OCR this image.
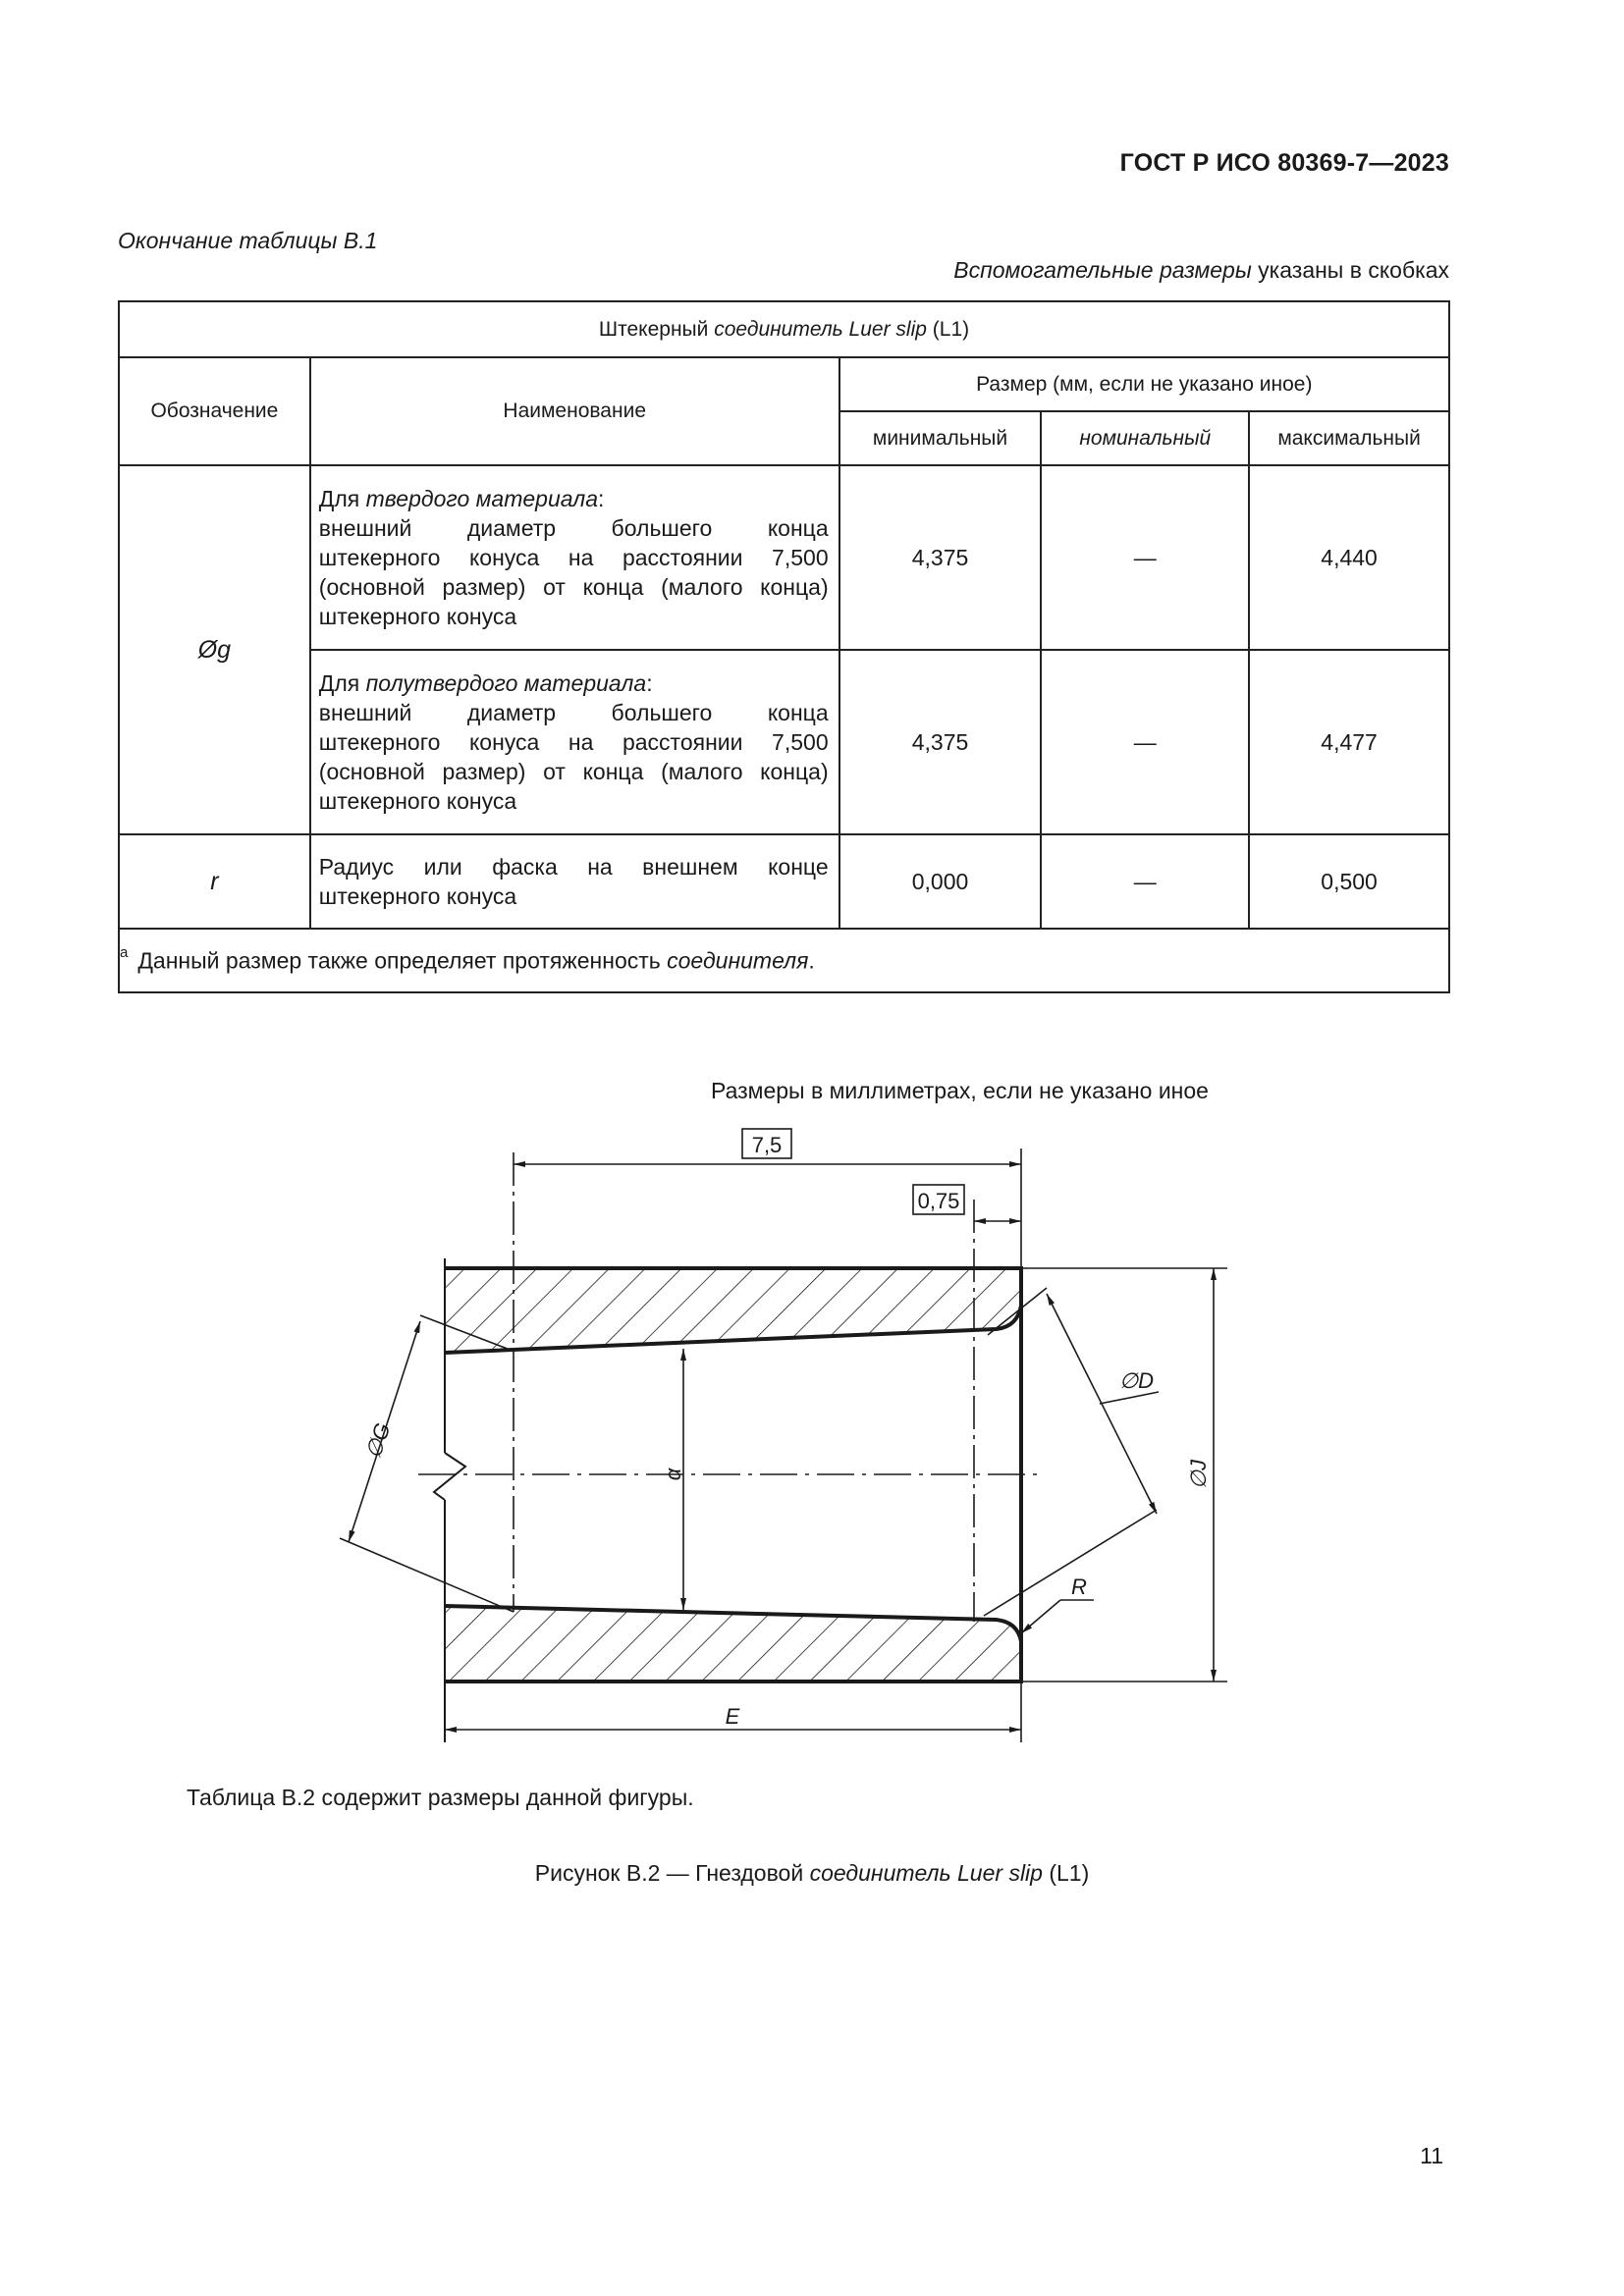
ГОСТ Р ИСО 80369-7—2023
Окончание таблицы В.1
Вспомогательные размеры указаны в скобках
Штекерный соединитель Luer slip (L1)				
Обозначение	Наименование	Размер (мм, если не указано иное)		
		минимальный	номинальный	максимальный
Øg	Для твердого материала:
внешний диаметр большего конца
штекерного конуса на расстоянии 7,500
(основной размер) от конца (малого конца)
штекерного конуса	4,375	—	4,440

	Для полутвердого материала:
внешний диаметр большего конца
штекерного конуса на расстоянии 7,500
(основной размер) от конца (малого конца)
штекерного конуса	4,375	—	4,477
r	Радиус или фаска на внешнем конце
штекерного конуса	0,000	—	0,500
$^a$ Данный размер также определяет протяженность соединителя.				
Размеры в миллиметрах, если не указано иное
7,5
0,75
∅G
α
∅D
∅J
R
E
Таблица В.2 содержит размеры данной фигуры.
Рисунок В.2 — Гнездовой соединитель Luer slip (L1)
11
